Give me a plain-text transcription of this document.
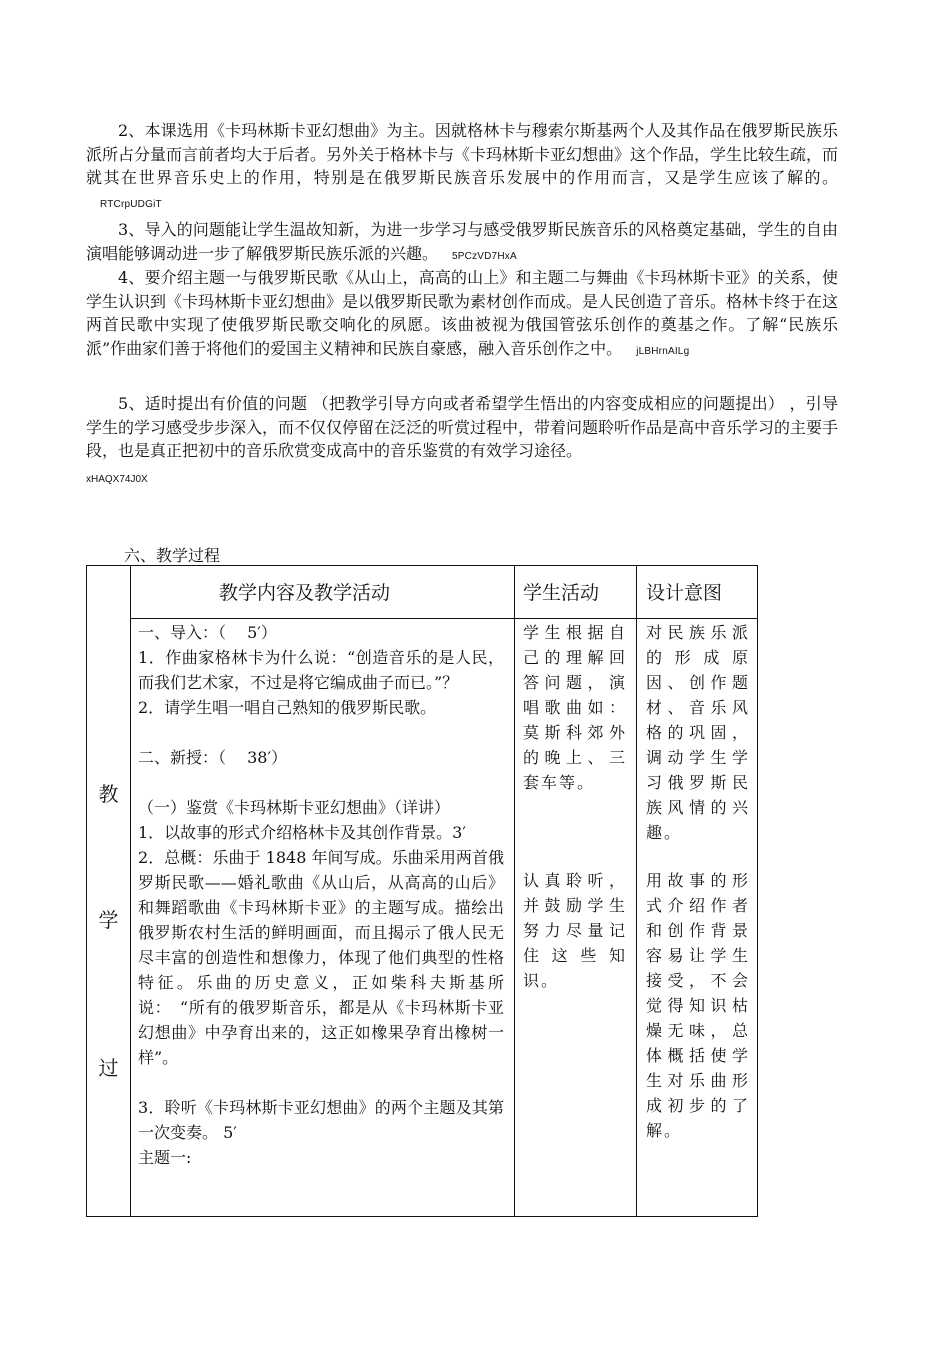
2、本课选用《卡玛林斯卡亚幻想曲》为主。因就格林卡与穆索尔斯基两个人及其作品在俄罗斯民族乐派所占分量而言前者均大于后者。另外关于格林卡与《卡玛林斯卡亚幻想曲》这个作品，学生比较生疏，而就其在世界音乐史上的作用，特别是在俄罗斯民族音乐发展中的作用而言，又是学生应该了解的。RTCrpUDGiT

3、导入的问题能让学生温故知新，为进一步学习与感受俄罗斯民族音乐的风格奠定基础，学生的自由演唱能够调动进一步了解俄罗斯民族乐派的兴趣。 5PCzVD7HxA

4、要介绍主题一与俄罗斯民歌《从山上，高高的山上》和主题二与舞曲《卡玛林斯卡亚》的关系，使学生认识到《卡玛林斯卡亚幻想曲》是以俄罗斯民歌为素材创作而成。是人民创造了音乐。格林卡终于在这两首民歌中实现了使俄罗斯民歌交响化的夙愿。该曲被视为俄国管弦乐创作的奠基之作。了解“民族乐派”作曲家们善于将他们的爱国主义精神和民族自豪感，融入音乐创作之中。 jLBHrnAILg

5、适时提出有价值的问题 （把教学引导方向或者希望学生悟出的内容变成相应的问题提出） ，引导学生的学习感受步步深入，而不仅仅停留在泛泛的听赏过程中，带着问题聆听作品是高中音乐学习的主要手段，也是真正把初中的音乐欣赏变成高中的音乐鉴赏的有效学习途径。

xHAQX74J0X
六、教学过程
教
学
过
教学内容及教学活动	学生活动 设计意图

一、导入：（　 5′）
1．作曲家格林卡为什么说：“创造音乐的是人民，而我们艺术家，不过是将它编成曲子而已。”？
2．请学生唱一唱自己熟知的俄罗斯民歌。

二、新授：（　 38′）

（一）鉴赏《卡玛林斯卡亚幻想曲》（详讲）
1．以故事的形式介绍格林卡及其创作背景。3′
2．总概：乐曲于 1848 年间写成。乐曲采用两首俄罗斯民歌——婚礼歌曲《从山后，从高高的山后》和舞蹈歌曲《卡玛林斯卡亚》的主题写成。描绘出俄罗斯农村生活的鲜明画面，而且揭示了俄人民无尽丰富的创造性和想像力，体现了他们典型的性格特征。乐曲的历史意义，正如柴科夫斯基所说：　“所有的俄罗斯音乐，都是从《卡玛林斯卡亚幻想曲》中孕育出来的，这正如橡果孕育出橡树一样”。

3．聆听《卡玛林斯卡亚幻想曲》的两个主题及其第一次变奏。 5′
主题一:

学生根据自己的理解回答问题，演唱歌曲如：莫斯科郊外的晚上、三套车等。

认真聆听，并鼓励学生努力尽量记住这些知识。

对民族乐派的形成原因、创作题材、音乐风格的巩固，调动学生学习俄罗斯民族风情的兴趣。

用故事的形式介绍作者和创作背景容易让学生接受，不会觉得知识枯燥无味，总体概括使学生对乐曲形成初步的了解。
